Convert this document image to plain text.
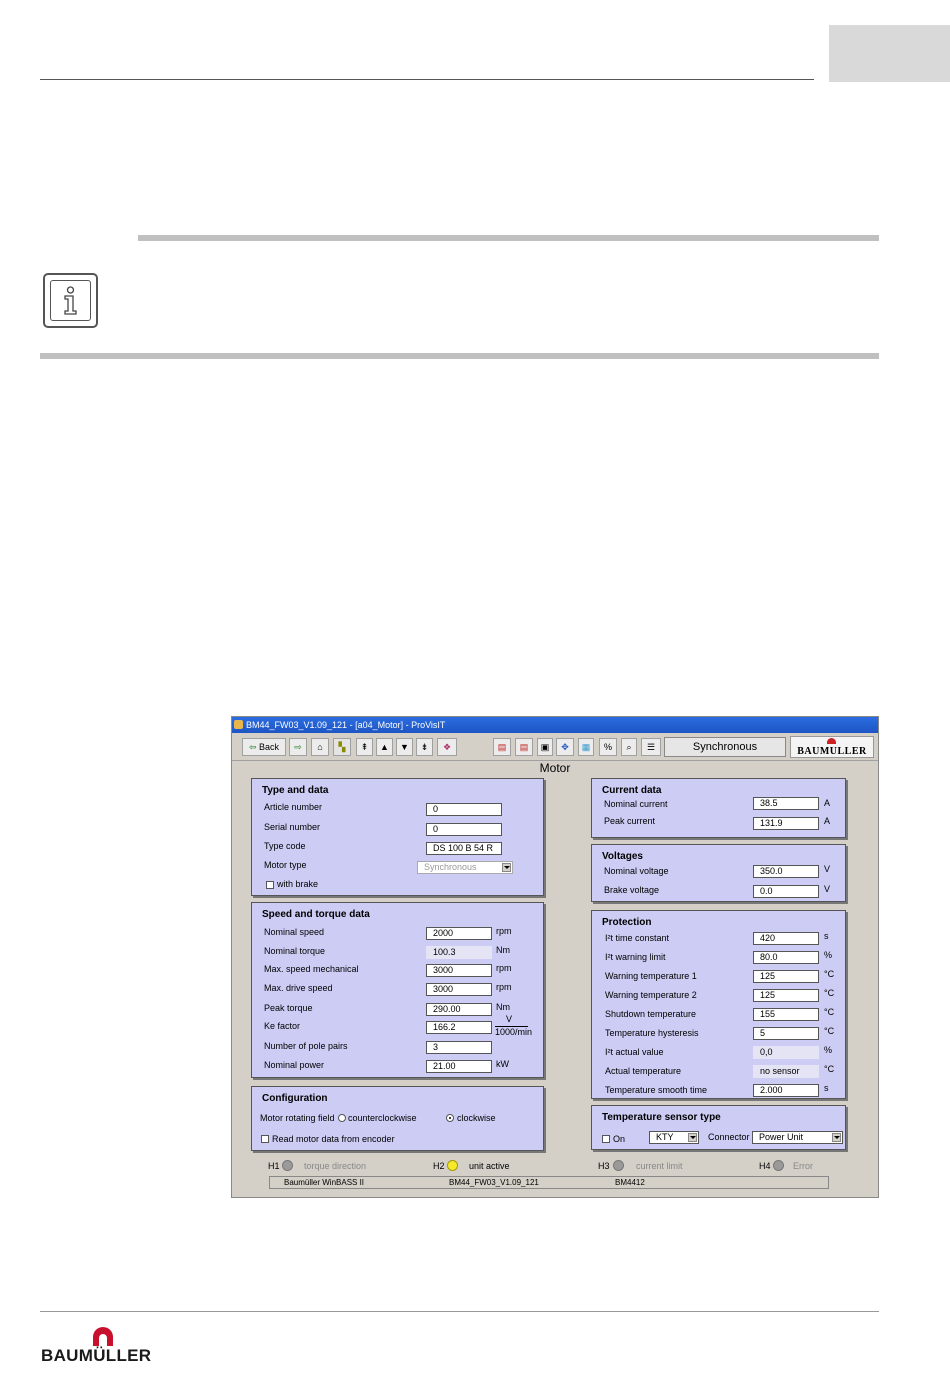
BM44_FW03_V1.09_121 - [a04_Motor] - ProVisIT
⇦ Back	⇨	⌂	▚	⇞	▲	▼	⇟	❖	▤	▤	▣	✥	▦	%	⌕	☰	Synchronous	BAUMULLER
Motor
Type and data
Article number	0
Serial number	0
Type code	DS 100 B 54 R
Motor type	Synchronous
with brake
Speed and torque data
Nominal speed	2000	rpm
Nominal torque	100.3	Nm
Max. speed mechanical	3000	rpm
Max. drive speed	3000	rpm
Peak torque	290.00	Nm
Ke factor	166.2
V
1000/min
Number of pole pairs	3
Nominal power	21.00	kW
Configuration
Motor rotating field counterclockwise	clockwise
Read motor data from encoder
Current data
Nominal current	38.5	A
Peak current	131.9	A
Voltages
Nominal voltage	350.0	V
Brake voltage	0.0	V
Protection
I²t time constant	420	s
I²t warning limit	80.0	%
Warning temperature 1	125	°C
Warning temperature 2	125	°C
Shutdown temperature	155	°C
Temperature hysteresis	5	°C
I²t actual value	0,0	%
Actual temperature	no sensor	°C
Temperature smooth time	2.000	s
Temperature sensor type
On	KTY	Connector	Power Unit
H1	torque direction	H2	unit active	H3	current limit	H4 Error
Baumüller WinBASS II	BM44_FW03_V1.09_121	BM4412
BAUMÜLLER
